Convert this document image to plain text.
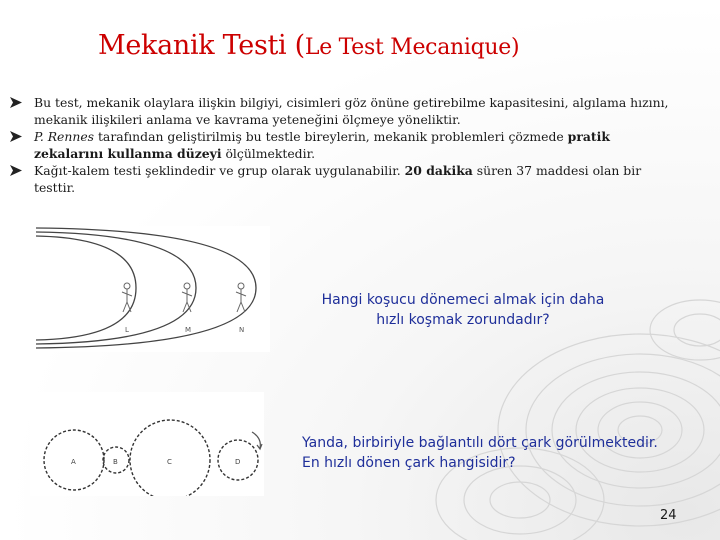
Mekanik Testi (Le Test Mecanique)
Bu test, mekanik olaylara ilişkin bilgiyi, cisimleri göz önüne getirebilme kapasitesini, algılama hızını, mekanik ilişkileri anlama ve kavrama yeteneğini ölçmeye yöneliktir.
P. Rennes tarafından geliştirilmiş bu testle bireylerin, mekanik problemleri çözmede pratik zekalarını kullanma düzeyi ölçülmektedir.
Kağıt-kalem testi şeklindedir ve grup olarak uygulanabilir. 20 dakika süren 37 maddesi olan bir testtir.
L	M	N
Hangi koşucu dönemeci almak için daha hızlı koşmak zorundadır?
A	B	C	D
Yanda, birbiriyle bağlantılı dört çark görülmektedir. En hızlı dönen çark hangisidir?
24
